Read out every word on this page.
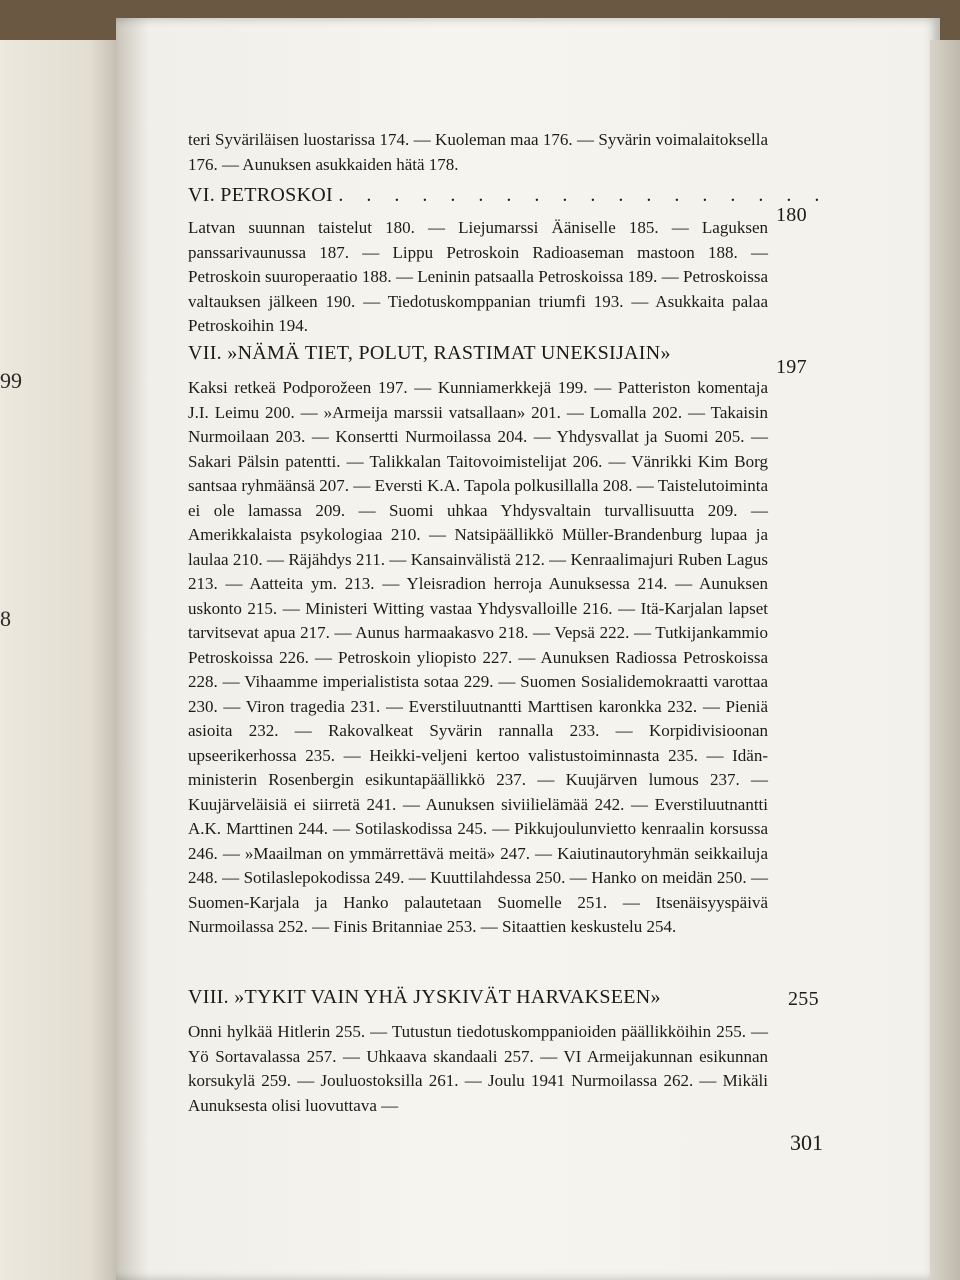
99
8
teri Syväriläisen luostarissa 174. — Kuoleman maa 176. — Syvärin voimalaitoksella 176. — Aunuksen asukkaiden hätä 178.
VI. PETROSKOI . . . . . . . . . . . . . . . . . .
180
Latvan suunnan taistelut 180. — Liejumarssi Ääniselle 185. — Laguksen panssarivaunussa 187. — Lippu Petroskoin Radioaseman mastoon 188. — Petroskoin suuroperaatio 188. — Leninin patsaalla Petroskoissa 189. — Petroskoissa valtauksen jälkeen 190. — Tiedotuskomppanian triumfi 193. — Asukkaita palaa Petroskoihin 194.
VII. »NÄMÄ TIET, POLUT, RASTIMAT UNEKSIJAIN»
197
Kaksi retkeä Podporožeen 197. — Kunniamerkkejä 199. — Patteriston komentaja J.I. Leimu 200. — »Armeija marssii vatsallaan» 201. — Lomalla 202. — Takaisin Nurmoilaan 203. — Konsertti Nurmoilassa 204. — Yhdysvallat ja Suomi 205. — Sakari Pälsin patentti. — Talikkalan Taitovoimistelijat 206. — Vänrikki Kim Borg santsaa ryhmäänsä 207. — Eversti K.A. Tapola polkusillalla 208. — Taistelutoiminta ei ole lamassa 209. — Suomi uhkaa Yhdysvaltain turvallisuutta 209. — Amerikkalaista psykologiaa 210. — Natsipäällikkö Müller-Brandenburg lupaa ja laulaa 210. — Räjähdys 211. — Kansainvälistä 212. — Kenraalimajuri Ruben Lagus 213. — Aatteita ym. 213. — Yleisradion herroja Aunuksessa 214. — Aunuksen uskonto 215. — Ministeri Witting vastaa Yhdysvalloille 216. — Itä-Karjalan lapset tarvitsevat apua 217. — Aunus harmaakasvo 218. — Vepsä 222. — Tutkijankammio Petroskoissa 226. — Petroskoin yliopisto 227. — Aunuksen Radiossa Petroskoissa 228. — Vihaamme imperialistista sotaa 229. — Suomen Sosialidemokraatti varottaa 230. — Viron tragedia 231. — Everstiluutnantti Marttisen karonkka 232. — Pieniä asioita 232. — Rakovalkeat Syvärin rannalla 233. — Korpidivisioonan upseerikerhossa 235. — Heikki-veljeni kertoo valistustoiminnasta 235. — Idän-ministerin Rosenbergin esikuntapäällikkö 237. — Kuujärven lumous 237. — Kuujärveläisiä ei siirretä 241. — Aunuksen siviilielämää 242. — Everstiluutnantti A.K. Marttinen 244. — Sotilaskodissa 245. — Pikkujoulunvietto kenraalin korsussa 246. — »Maailman on ymmärrettävä meitä» 247. — Kaiutinautoryhmän seikkailuja 248. — Sotilaslepokodissa 249. — Kuuttilahdessa 250. — Hanko on meidän 250. — Suomen-Karjala ja Hanko palautetaan Suomelle 251. — Itsenäisyyspäivä Nurmoilassa 252. — Finis Britanniae 253. — Sitaattien keskustelu 254.
VIII. »TYKIT VAIN YHÄ JYSKIVÄT HARVAKSEEN»	255
Onni hylkää Hitlerin 255. — Tutustun tiedotuskomppanioiden päällikköihin 255. — Yö Sortavalassa 257. — Uhkaava skandaali 257. — VI Armeijakunnan esikunnan korsukylä 259. — Jouluostoksilla 261. — Joulu 1941 Nurmoilassa 262. — Mikäli Aunuksesta olisi luovuttava —
301
